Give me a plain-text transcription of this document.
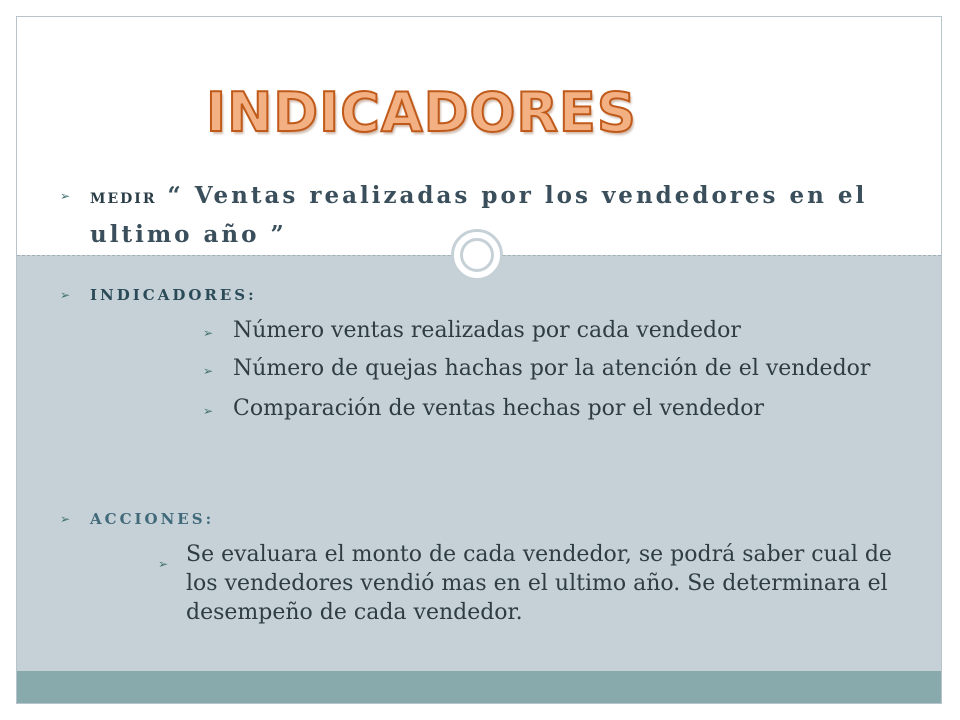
INDICADORES
➢ MEDIR “ Ventas realizadas por los vendedores en el ultimo año ”
➢ INDICADORES:
➢ Número ventas realizadas por cada vendedor
➢ Número de quejas hachas por la atención de el vendedor
➢ Comparación de ventas hechas por el vendedor
➢ ACCIONES:
➢ Se evaluara el monto de cada vendedor, se podrá saber cual de los vendedores vendió mas en el ultimo año. Se determinara el desempeño de cada vendedor.
